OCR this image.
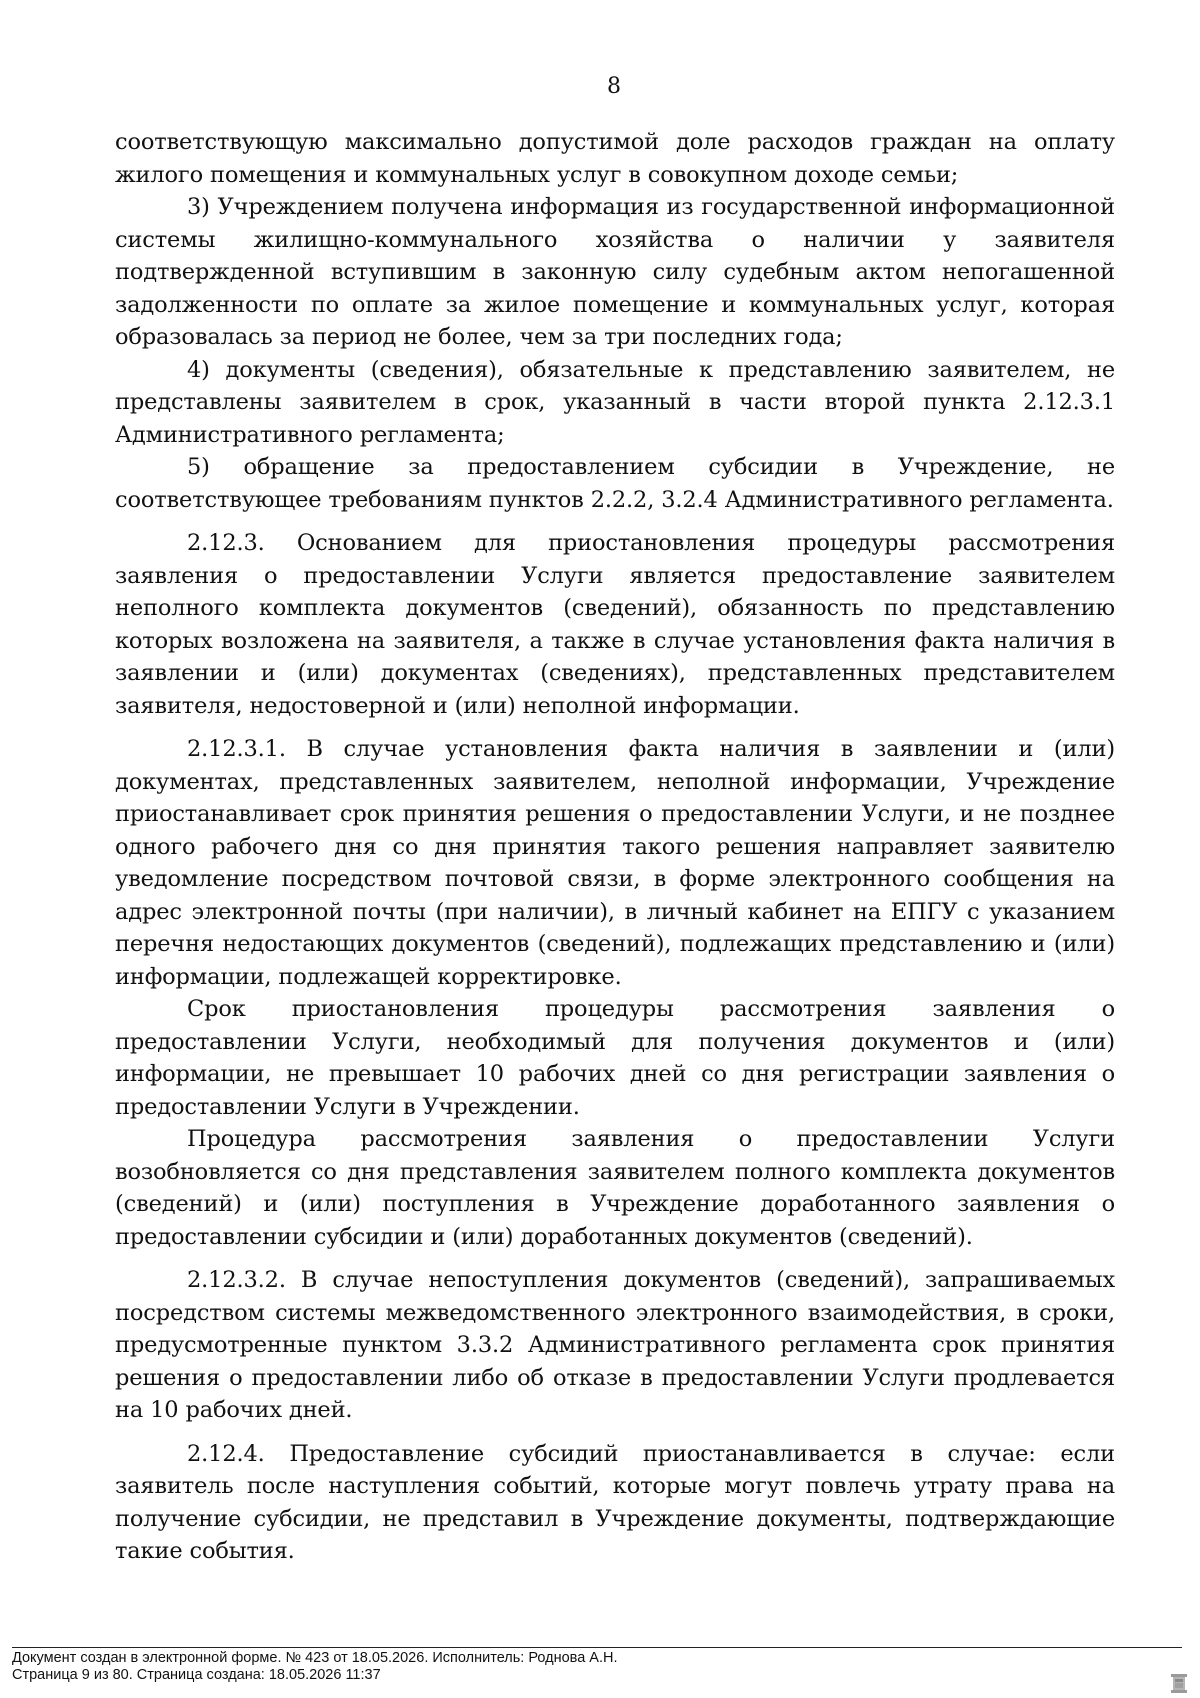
8

соответствующую максимально допустимой доле расходов граждан на оплату жилого помещения и коммунальных услуг в совокупном доходе семьи;

3) Учреждением получена информация из государственной информационной системы жилищно-коммунального хозяйства о наличии у заявителя подтвержденной вступившим в законную силу судебным актом непогашенной задолженности по оплате за жилое помещение и коммунальных услуг, которая образовалась за период не более, чем за три последних года;

4) документы (сведения), обязательные к представлению заявителем, не представлены заявителем в срок, указанный в части второй пункта 2.12.3.1 Административного регламента;

5) обращение за предоставлением субсидии в Учреждение, не соответствующее требованиям пунктов 2.2.2, 3.2.4 Административного регламента.

2.12.3. Основанием для приостановления процедуры рассмотрения заявления о предоставлении Услуги является предоставление заявителем неполного комплекта документов (сведений), обязанность по представлению которых возложена на заявителя, а также в случае установления факта наличия в заявлении и (или) документах (сведениях), представленных представителем заявителя, недостоверной и (или) неполной информации.

2.12.3.1. В случае установления факта наличия в заявлении и (или) документах, представленных заявителем, неполной информации, Учреждение приостанавливает срок принятия решения о предоставлении Услуги, и не позднее одного рабочего дня со дня принятия такого решения направляет заявителю уведомление посредством почтовой связи, в форме электронного сообщения на адрес электронной почты (при наличии), в личный кабинет на ЕПГУ с указанием перечня недостающих документов (сведений), подлежащих представлению и (или) информации, подлежащей корректировке.

Срок приостановления процедуры рассмотрения заявления о предоставлении Услуги, необходимый для получения документов и (или) информации, не превышает 10 рабочих дней со дня регистрации заявления о предоставлении Услуги в Учреждении.

Процедура рассмотрения заявления о предоставлении Услуги возобновляется со дня представления заявителем полного комплекта документов (сведений) и (или) поступления в Учреждение доработанного заявления о предоставлении субсидии и (или) доработанных документов (сведений).

2.12.3.2. В случае непоступления документов (сведений), запрашиваемых посредством системы межведомственного электронного взаимодействия, в сроки, предусмотренные пунктом 3.3.2 Административного регламента срок принятия решения о предоставлении либо об отказе в предоставлении Услуги продлевается на 10 рабочих дней.

2.12.4. Предоставление субсидий приостанавливается в случае: если заявитель после наступления событий, которые могут повлечь утрату права на получение субсидии, не представил в Учреждение документы, подтверждающие такие события.

Документ создан в электронной форме. № 423 от 18.05.2026. Исполнитель: Роднова А.Н.
Страница 9 из 80. Страница создана: 18.05.2026 11:37
